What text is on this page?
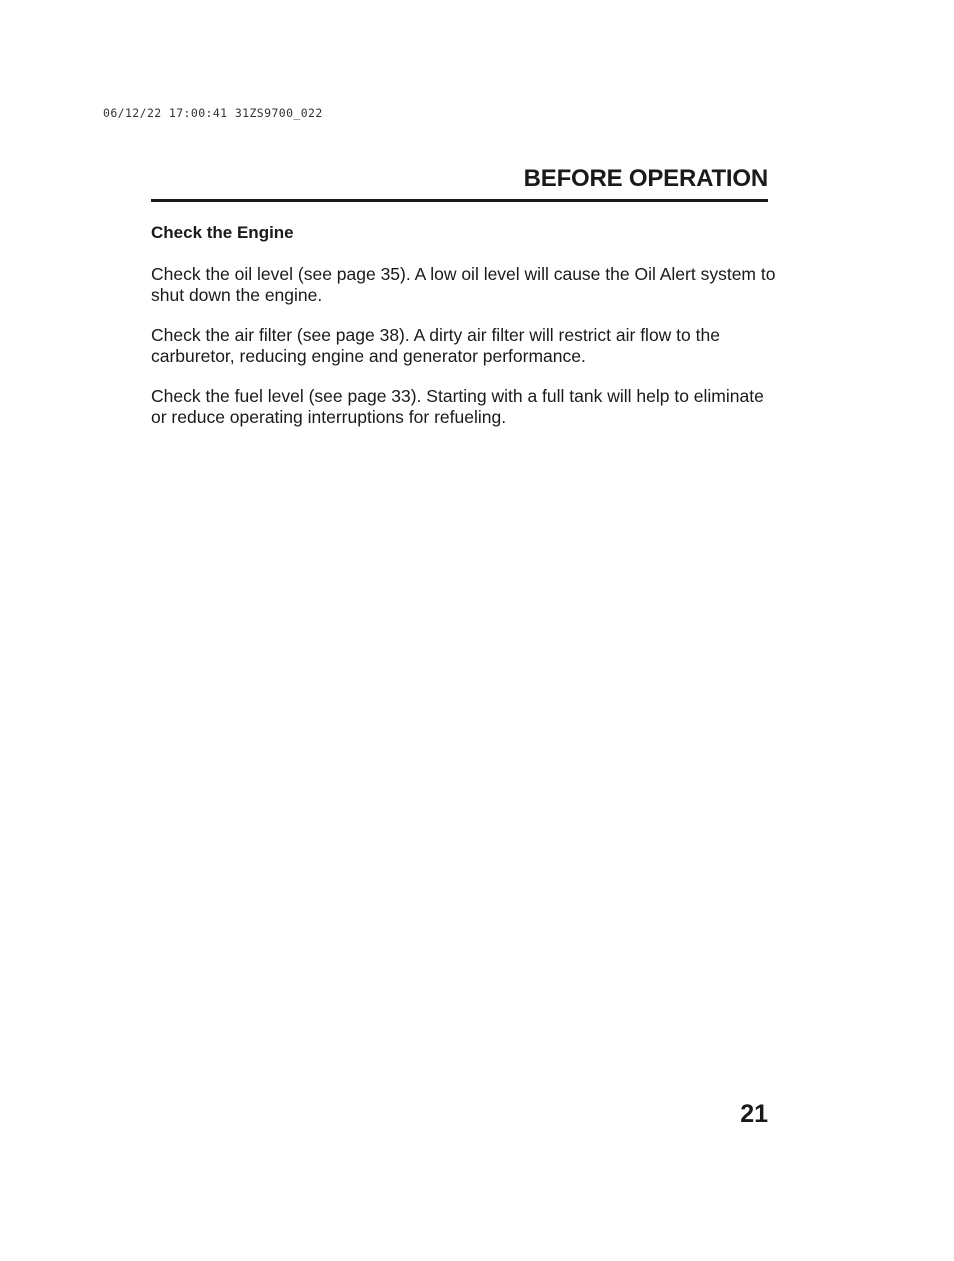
06/12/22 17:00:41 31ZS9700_022
BEFORE OPERATION
Check the Engine

Check the oil level (see page 35). A low oil level will cause the Oil Alert system to shut down the engine.

Check the air filter (see page 38). A dirty air filter will restrict air flow to the carburetor, reducing engine and generator performance.

Check the fuel level (see page 33). Starting with a full tank will help to eliminate or reduce operating interruptions for refueling.

21
